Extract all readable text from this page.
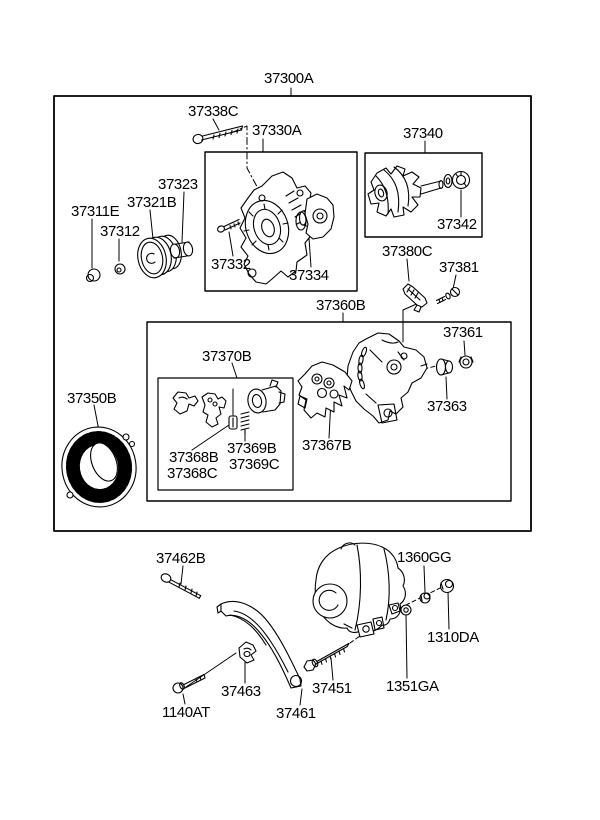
37300A
37338C
37330A	37340
37323
37321B
37311E
37312
37332
37334
37342
37380C
37381
37360B
37361
37363
37350B
37370B
37368B
37368C
37369B
37369C
37367B
37462B
1140AT
37463
37461
37451 1351GA
1310DA
1360GG
